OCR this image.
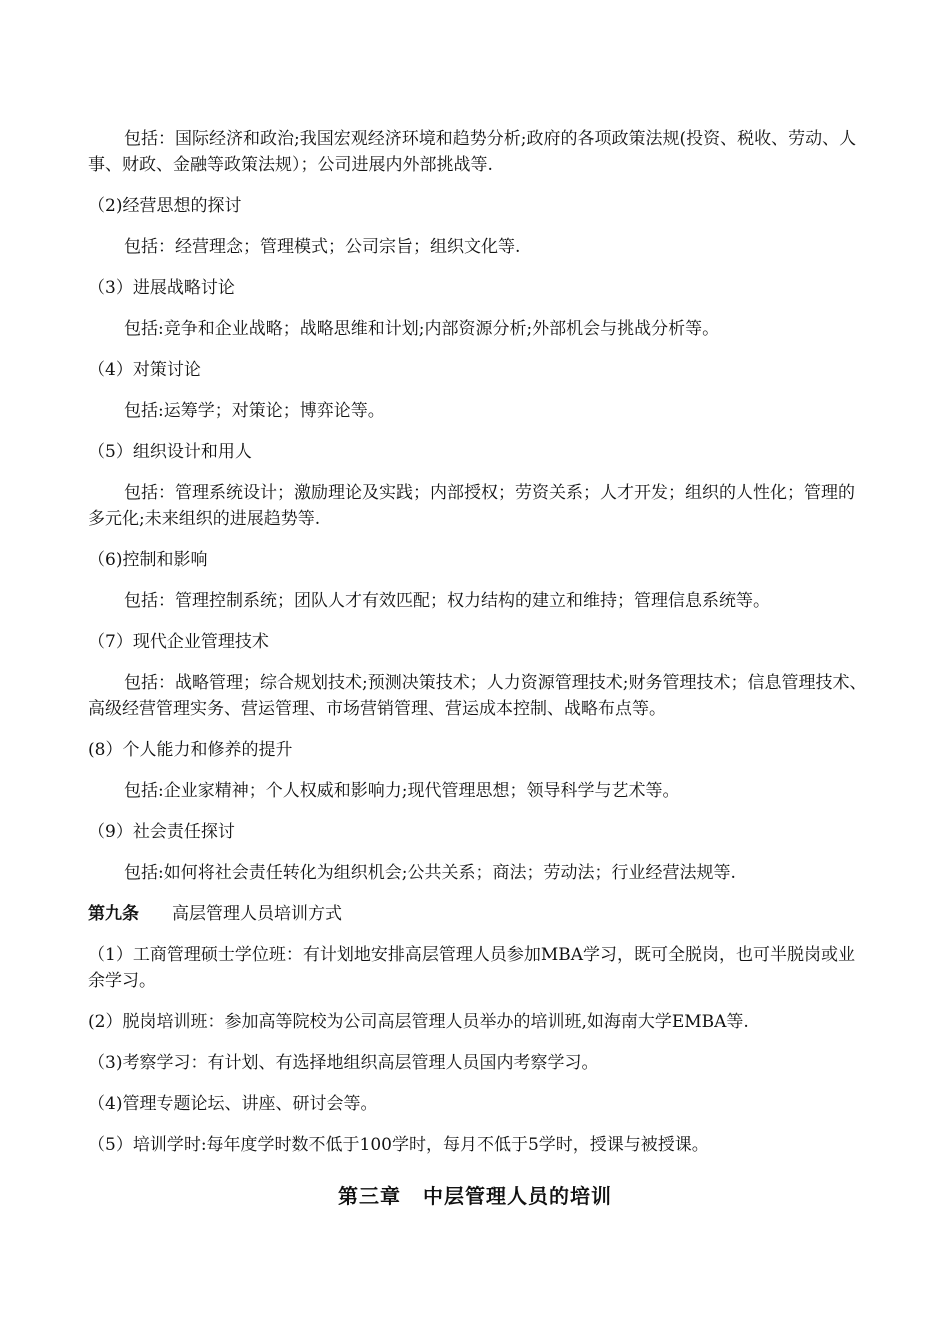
包括：国际经济和政治;我国宏观经济环境和趋势分析;政府的各项政策法规(投资、税收、劳动、人事、财政、金融等政策法规）；公司进展内外部挑战等.

（2)经营思想的探讨

包括：经营理念；管理模式；公司宗旨；组织文化等.

（3）进展战略讨论

包括:竞争和企业战略；战略思维和计划;内部资源分析;外部机会与挑战分析等。

（4）对策讨论

包括:运筹学；对策论；博弈论等。

（5）组织设计和用人

包括：管理系统设计；激励理论及实践；内部授权；劳资关系；人才开发；组织的人性化；管理的多元化;未来组织的进展趋势等.

（6)控制和影响

包括：管理控制系统；团队人才有效匹配；权力结构的建立和维持；管理信息系统等。

（7）现代企业管理技术

包括：战略管理；综合规划技术;预测决策技术；人力资源管理技术;财务管理技术；信息管理技术、高级经营管理实务、营运管理、市场营销管理、营运成本控制、战略布点等。

(8）个人能力和修养的提升

包括:企业家精神；个人权威和影响力;现代管理思想；领导科学与艺术等。

（9）社会责任探讨

包括:如何将社会责任转化为组织机会;公共关系；商法；劳动法；行业经营法规等.

第九条 高层管理人员培训方式

（1）工商管理硕士学位班：有计划地安排高层管理人员参加MBA学习，既可全脱岗，也可半脱岗或业余学习。

(2）脱岗培训班：参加高等院校为公司高层管理人员举办的培训班,如海南大学EMBA等.

（3)考察学习：有计划、有选择地组织高层管理人员国内考察学习。

（4)管理专题论坛、讲座、研讨会等。

（5）培训学时:每年度学时数不低于100学时，每月不低于5学时，授课与被授课。

第三章 中层管理人员的培训
